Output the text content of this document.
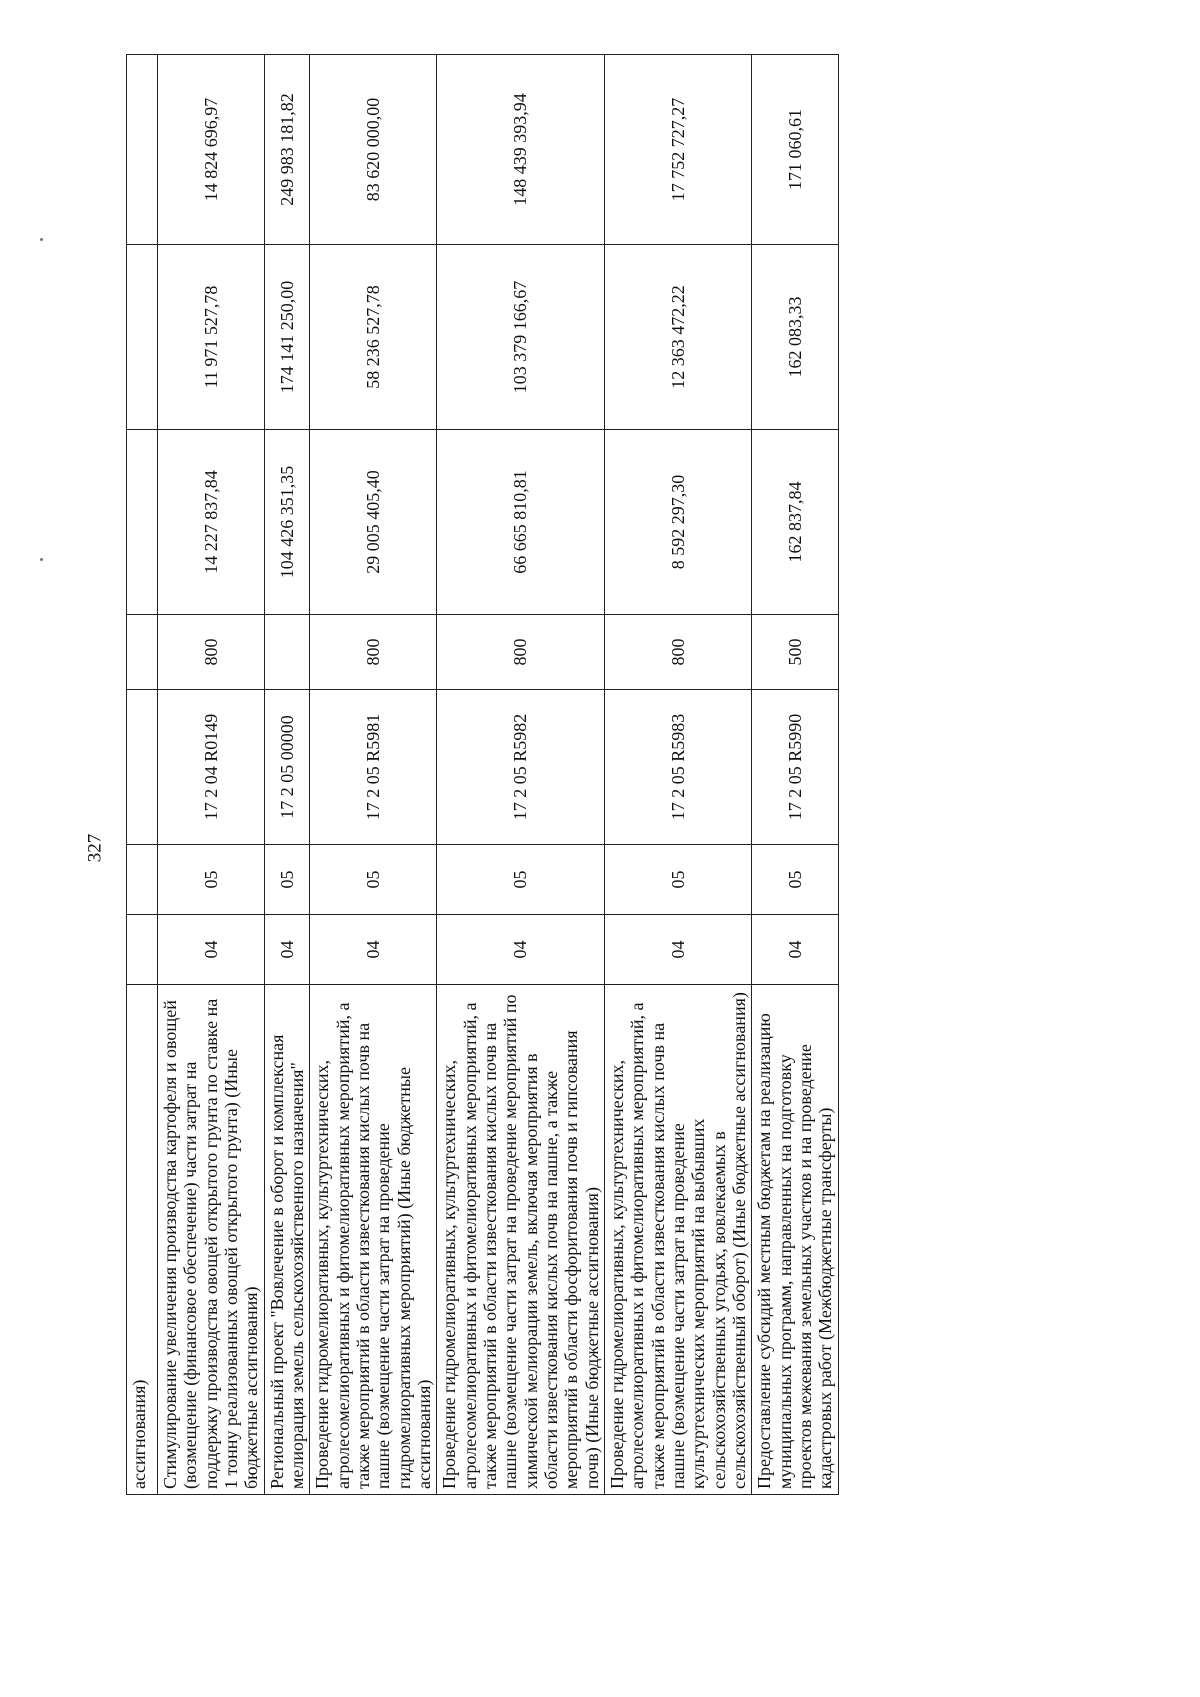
327
ассигнования)							
Стимулирование увеличения производства картофеля и овощей (возмещение (финансовое обеспечение) части затрат на поддержку производства овощей открытого грунта по ставке на 1 тонну реализованных овощей открытого грунта) (Иные бюджетные ассигнования)	04	05	17 2 04 R0149	800	14 227 837,84	11 971 527,78	14 824 696,97
Региональный проект "Вовлечение в оборот и комплексная мелиорация земель сельскохозяйственного назначения"	04	05	17 2 05 00000		104 426 351,35	174 141 250,00	249 983 181,82
Проведение гидромелиоративных, культуртехнических, агролесомелиоративных и фитомелиоративных мероприятий, а также мероприятий в области известкования кислых почв на пашне (возмещение части затрат на проведение гидромелиоративных мероприятий) (Иные бюджетные ассигнования)	04	05	17 2 05 R5981	800	29 005 405,40	58 236 527,78	83 620 000,00
Проведение гидромелиоративных, культуртехнических, агролесомелиоративных и фитомелиоративных мероприятий, а также мероприятий в области известкования кислых почв на пашне (возмещение части затрат на проведение мероприятий по химической мелиорации земель, включая мероприятия в области известкования кислых почв на пашне, а также мероприятий в области фосфоритования почв и гипсования почв) (Иные бюджетные ассигнования)	04	05	17 2 05 R5982	800	66 665 810,81	103 379 166,67	148 439 393,94
Проведение гидромелиоративных, культуртехнических, агролесомелиоративных и фитомелиоративных мероприятий, а также мероприятий в области известкования кислых почв на пашне (возмещение части затрат на проведение культуртехнических мероприятий на выбывших сельскохозяйственных угодьях, вовлекаемых в сельскохозяйственный оборот) (Иные бюджетные ассигнования)	04	05	17 2 05 R5983	800	8 592 297,30	12 363 472,22	17 752 727,27
Предоставление субсидий местным бюджетам на реализацию муниципальных программ, направленных на подготовку проектов межевания земельных участков и на проведение кадастровых работ (Межбюджетные трансферты)	04	05	17 2 05 R5990	500	162 837,84	162 083,33	171 060,61
